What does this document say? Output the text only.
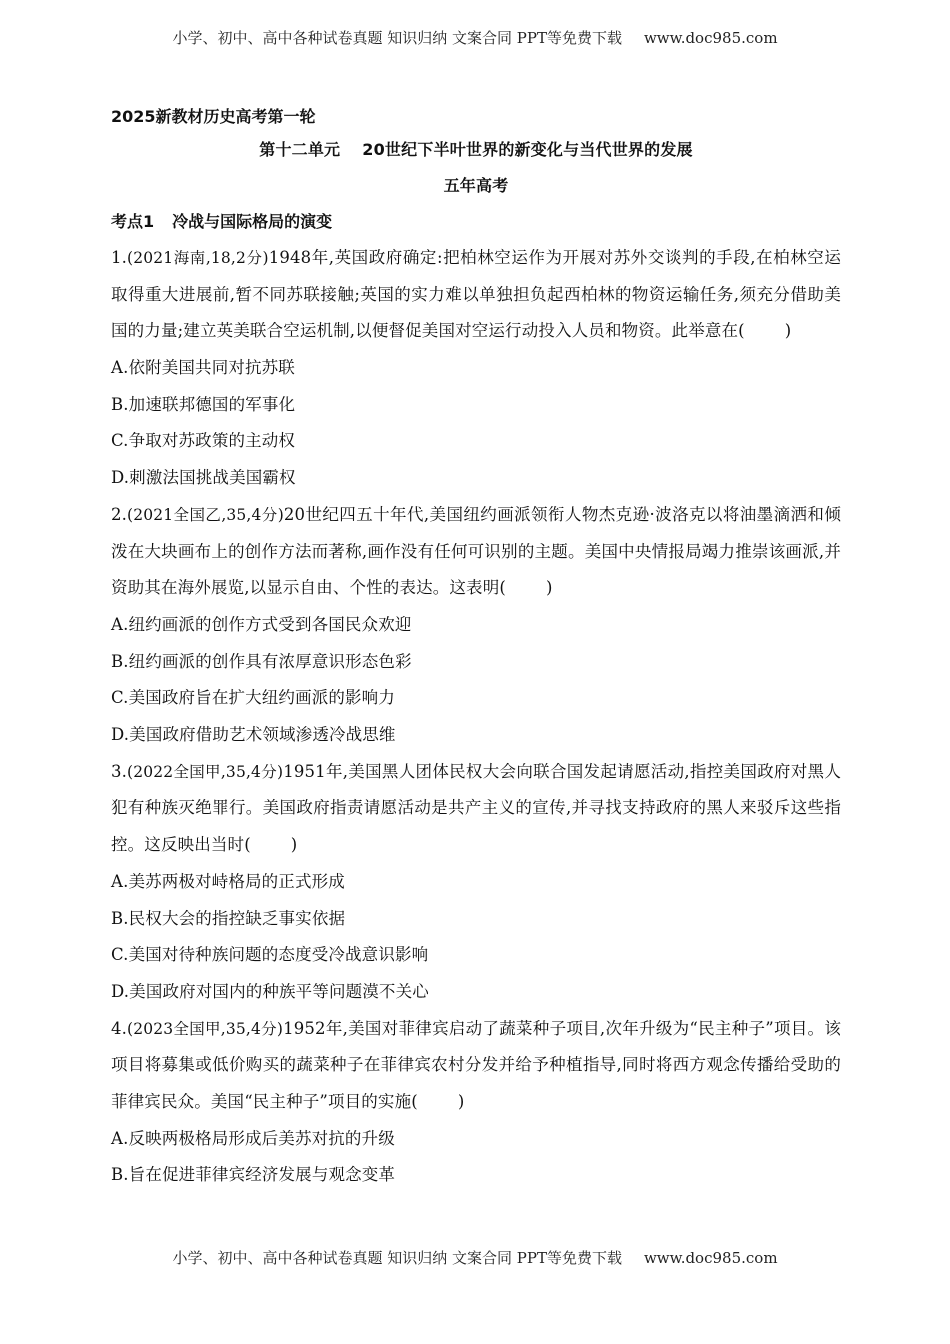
小学、初中、高中各种试卷真题 知识归纳 文案合同 PPT等免费下载 www.doc985.com
2025新教材历史高考第一轮
第十二单元 20世纪下半叶世界的新变化与当代世界的发展
五年高考
考点1 冷战与国际格局的演变

1.(2021海南,18,2分)1948年,英国政府确定:把柏林空运作为开展对苏外交谈判的手段,在柏林空运取得重大进展前,暂不同苏联接触;英国的实力难以单独担负起西柏林的物资运输任务,须充分借助美国的力量;建立英美联合空运机制,以便督促美国对空运行动投入人员和物资。此举意在( )

A.依附美国共同对抗苏联

B.加速联邦德国的军事化

C.争取对苏政策的主动权

D.刺激法国挑战美国霸权

2.(2021全国乙,35,4分)20世纪四五十年代,美国纽约画派领衔人物杰克逊·波洛克以将油墨滴洒和倾泼在大块画布上的创作方法而著称,画作没有任何可识别的主题。美国中央情报局竭力推崇该画派,并资助其在海外展览,以显示自由、个性的表达。这表明( )

A.纽约画派的创作方式受到各国民众欢迎

B.纽约画派的创作具有浓厚意识形态色彩

C.美国政府旨在扩大纽约画派的影响力

D.美国政府借助艺术领域渗透冷战思维

3.(2022全国甲,35,4分)1951年,美国黑人团体民权大会向联合国发起请愿活动,指控美国政府对黑人犯有种族灭绝罪行。美国政府指责请愿活动是共产主义的宣传,并寻找支持政府的黑人来驳斥这些指控。这反映出当时( )

A.美苏两极对峙格局的正式形成

B.民权大会的指控缺乏事实依据

C.美国对待种族问题的态度受冷战意识影响

D.美国政府对国内的种族平等问题漠不关心

4.(2023全国甲,35,4分)1952年,美国对菲律宾启动了蔬菜种子项目,次年升级为“民主种子”项目。该项目将募集或低价购买的蔬菜种子在菲律宾农村分发并给予种植指导,同时将西方观念传播给受助的菲律宾民众。美国“民主种子”项目的实施( )

A.反映两极格局形成后美苏对抗的升级

B.旨在促进菲律宾经济发展与观念变革

小学、初中、高中各种试卷真题 知识归纳 文案合同 PPT等免费下载 www.doc985.com
